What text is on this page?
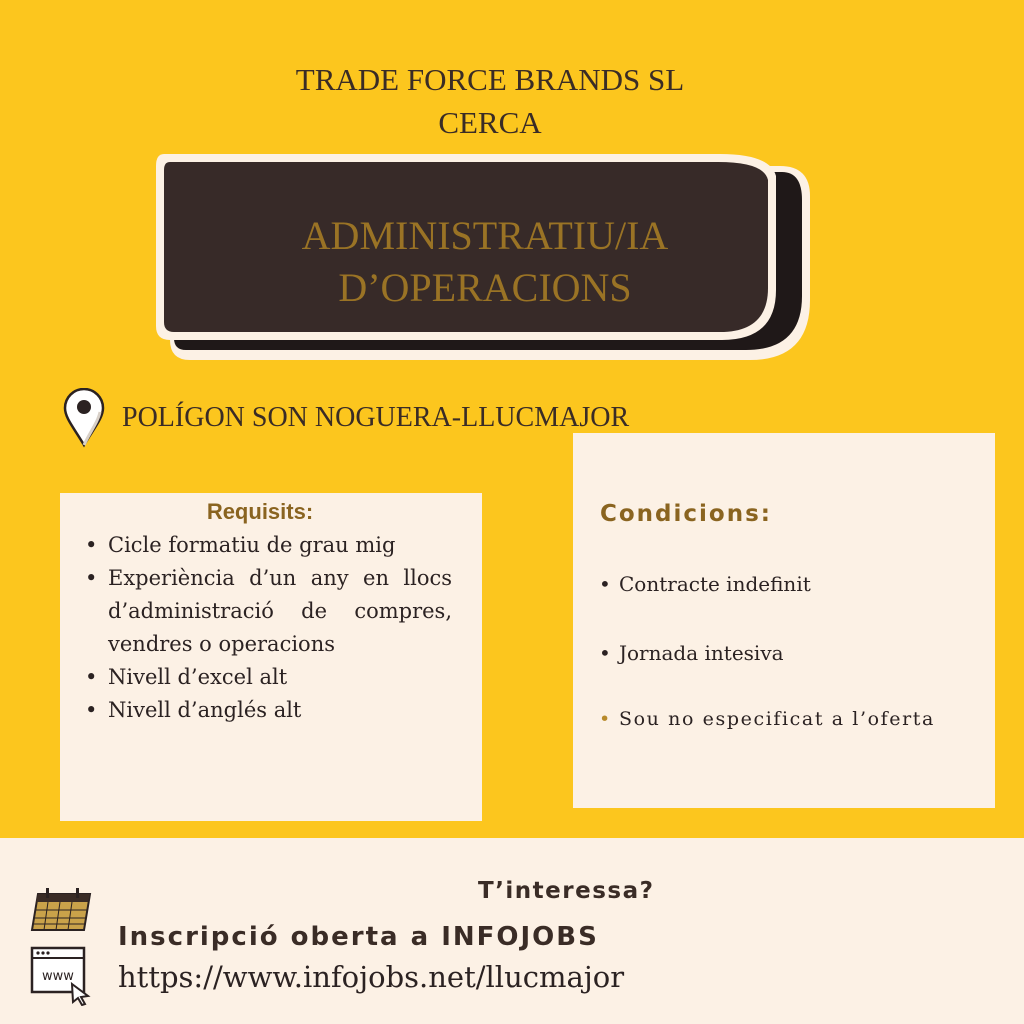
TRADE FORCE BRANDS SL
CERCA
ADMINISTRATIU/IA
D’OPERACIONS
POLÍGON SON NOGUERA-LLUCMAJOR
Requisits:
• Cicle formatiu de grau mig
• Experiència d’un any en llocs d’administració de compres, vendres o operacions
• Nivell d’excel alt
• Nivell d’anglés alt
Condicions:
• Contracte indefinit
• Jornada intesiva
• Sou no especificat a l’oferta
T’interessa?
www
Inscripció oberta a INFOJOBS
https://www.infojobs.net/llucmajor
